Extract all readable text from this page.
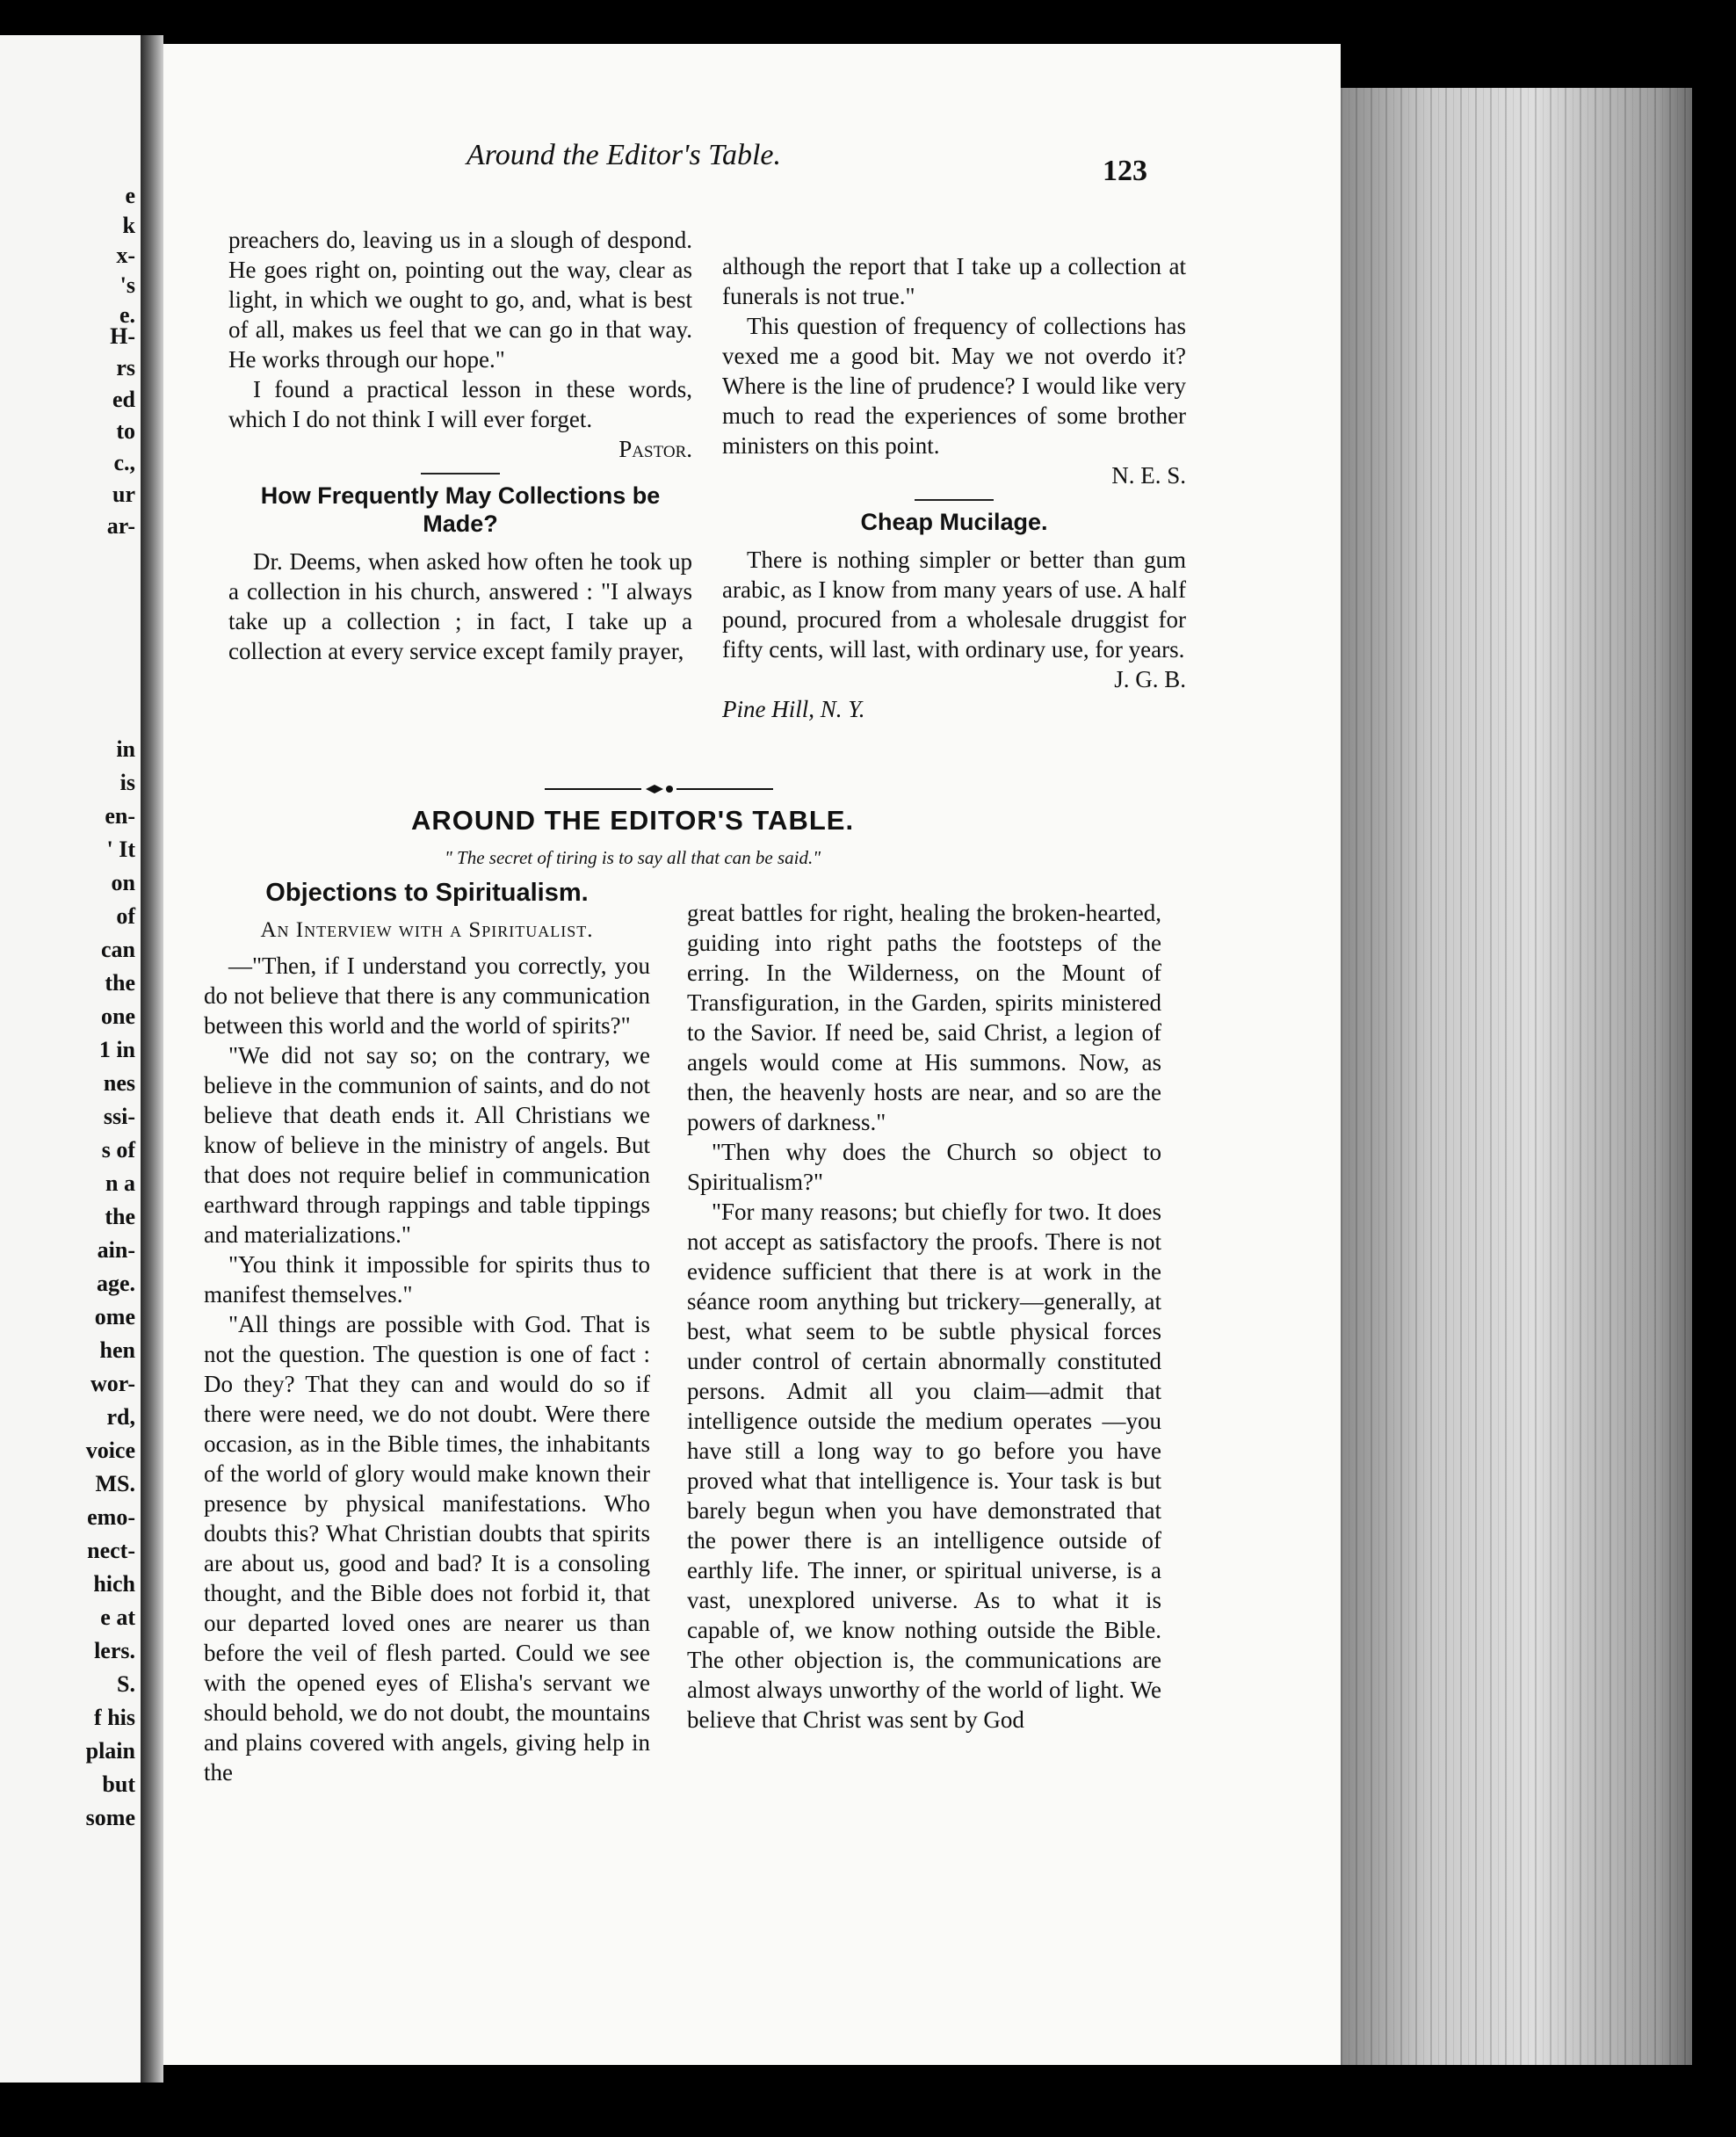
e
k
x-
's
e.
H-
rs
ed
to
c.,
ur
ar-
in
is
en-
' It
on
of
can
the
one
1 in
nes
ssi-
s of
n a
the
ain-
age.
ome
hen
wor-
rd,
voice
MS.
emo-
nect-
hich
e at
lers.
S.
f his
plain
but
some
Around the Editor's Table.	123

preachers do, leaving us in a slough of despond. He goes right on, pointing out the way, clear as light, in which we ought to go, and, what is best of all, makes us feel that we can go in that way. He works through our hope."

I found a practical lesson in these words, which I do not think I will ever forget.

Pastor.
How Frequently May Collections be Made?

Dr. Deems, when asked how often he took up a collection in his church, answered : "I always take up a collection ; in fact, I take up a collection at every service except family prayer,

although the report that I take up a collection at funerals is not true."

This question of frequency of collections has vexed me a good bit. May we not overdo it? Where is the line of prudence? I would like very much to read the experiences of some brother ministers on this point.

N. E. S.
Cheap Mucilage.

There is nothing simpler or better than gum arabic, as I know from many years of use. A half pound, procured from a wholesale druggist for fifty cents, will last, with ordinary use, for years.

J. G. B.
Pine Hill, N. Y.
AROUND THE EDITOR'S TABLE.
" The secret of tiring is to say all that can be said."
Objections to Spiritualism.
An Interview with a Spiritualist.

—"Then, if I understand you correctly, you do not believe that there is any communication between this world and the world of spirits?"

"We did not say so; on the contrary, we believe in the communion of saints, and do not believe that death ends it. All Christians we know of believe in the ministry of angels. But that does not require belief in communication earthward through rappings and table tippings and materializations."

"You think it impossible for spirits thus to manifest themselves."

"All things are possible with God. That is not the question. The question is one of fact : Do they? That they can and would do so if there were need, we do not doubt. Were there occasion, as in the Bible times, the inhabitants of the world of glory would make known their presence by physical manifestations. Who doubts this? What Christian doubts that spirits are about us, good and bad? It is a consoling thought, and the Bible does not forbid it, that our departed loved ones are nearer us than before the veil of flesh parted. Could we see with the opened eyes of Elisha's servant we should behold, we do not doubt, the mountains and plains covered with angels, giving help in the

great battles for right, healing the broken-hearted, guiding into right paths the footsteps of the erring. In the Wilderness, on the Mount of Transfiguration, in the Garden, spirits ministered to the Savior. If need be, said Christ, a legion of angels would come at His summons. Now, as then, the heavenly hosts are near, and so are the powers of darkness."

"Then why does the Church so object to Spiritualism?"

"For many reasons; but chiefly for two. It does not accept as satisfactory the proofs. There is not evidence sufficient that there is at work in the séance room anything but trickery—generally, at best, what seem to be subtle physical forces under control of certain abnormally constituted persons. Admit all you claim—admit that intelligence outside the medium operates —you have still a long way to go before you have proved what that intelligence is. Your task is but barely begun when you have demonstrated that the power there is an intelligence outside of earthly life. The inner, or spiritual universe, is a vast, unexplored universe. As to what it is capable of, we know nothing outside the Bible. The other objection is, the communications are almost always unworthy of the world of light. We believe that Christ was sent by God
